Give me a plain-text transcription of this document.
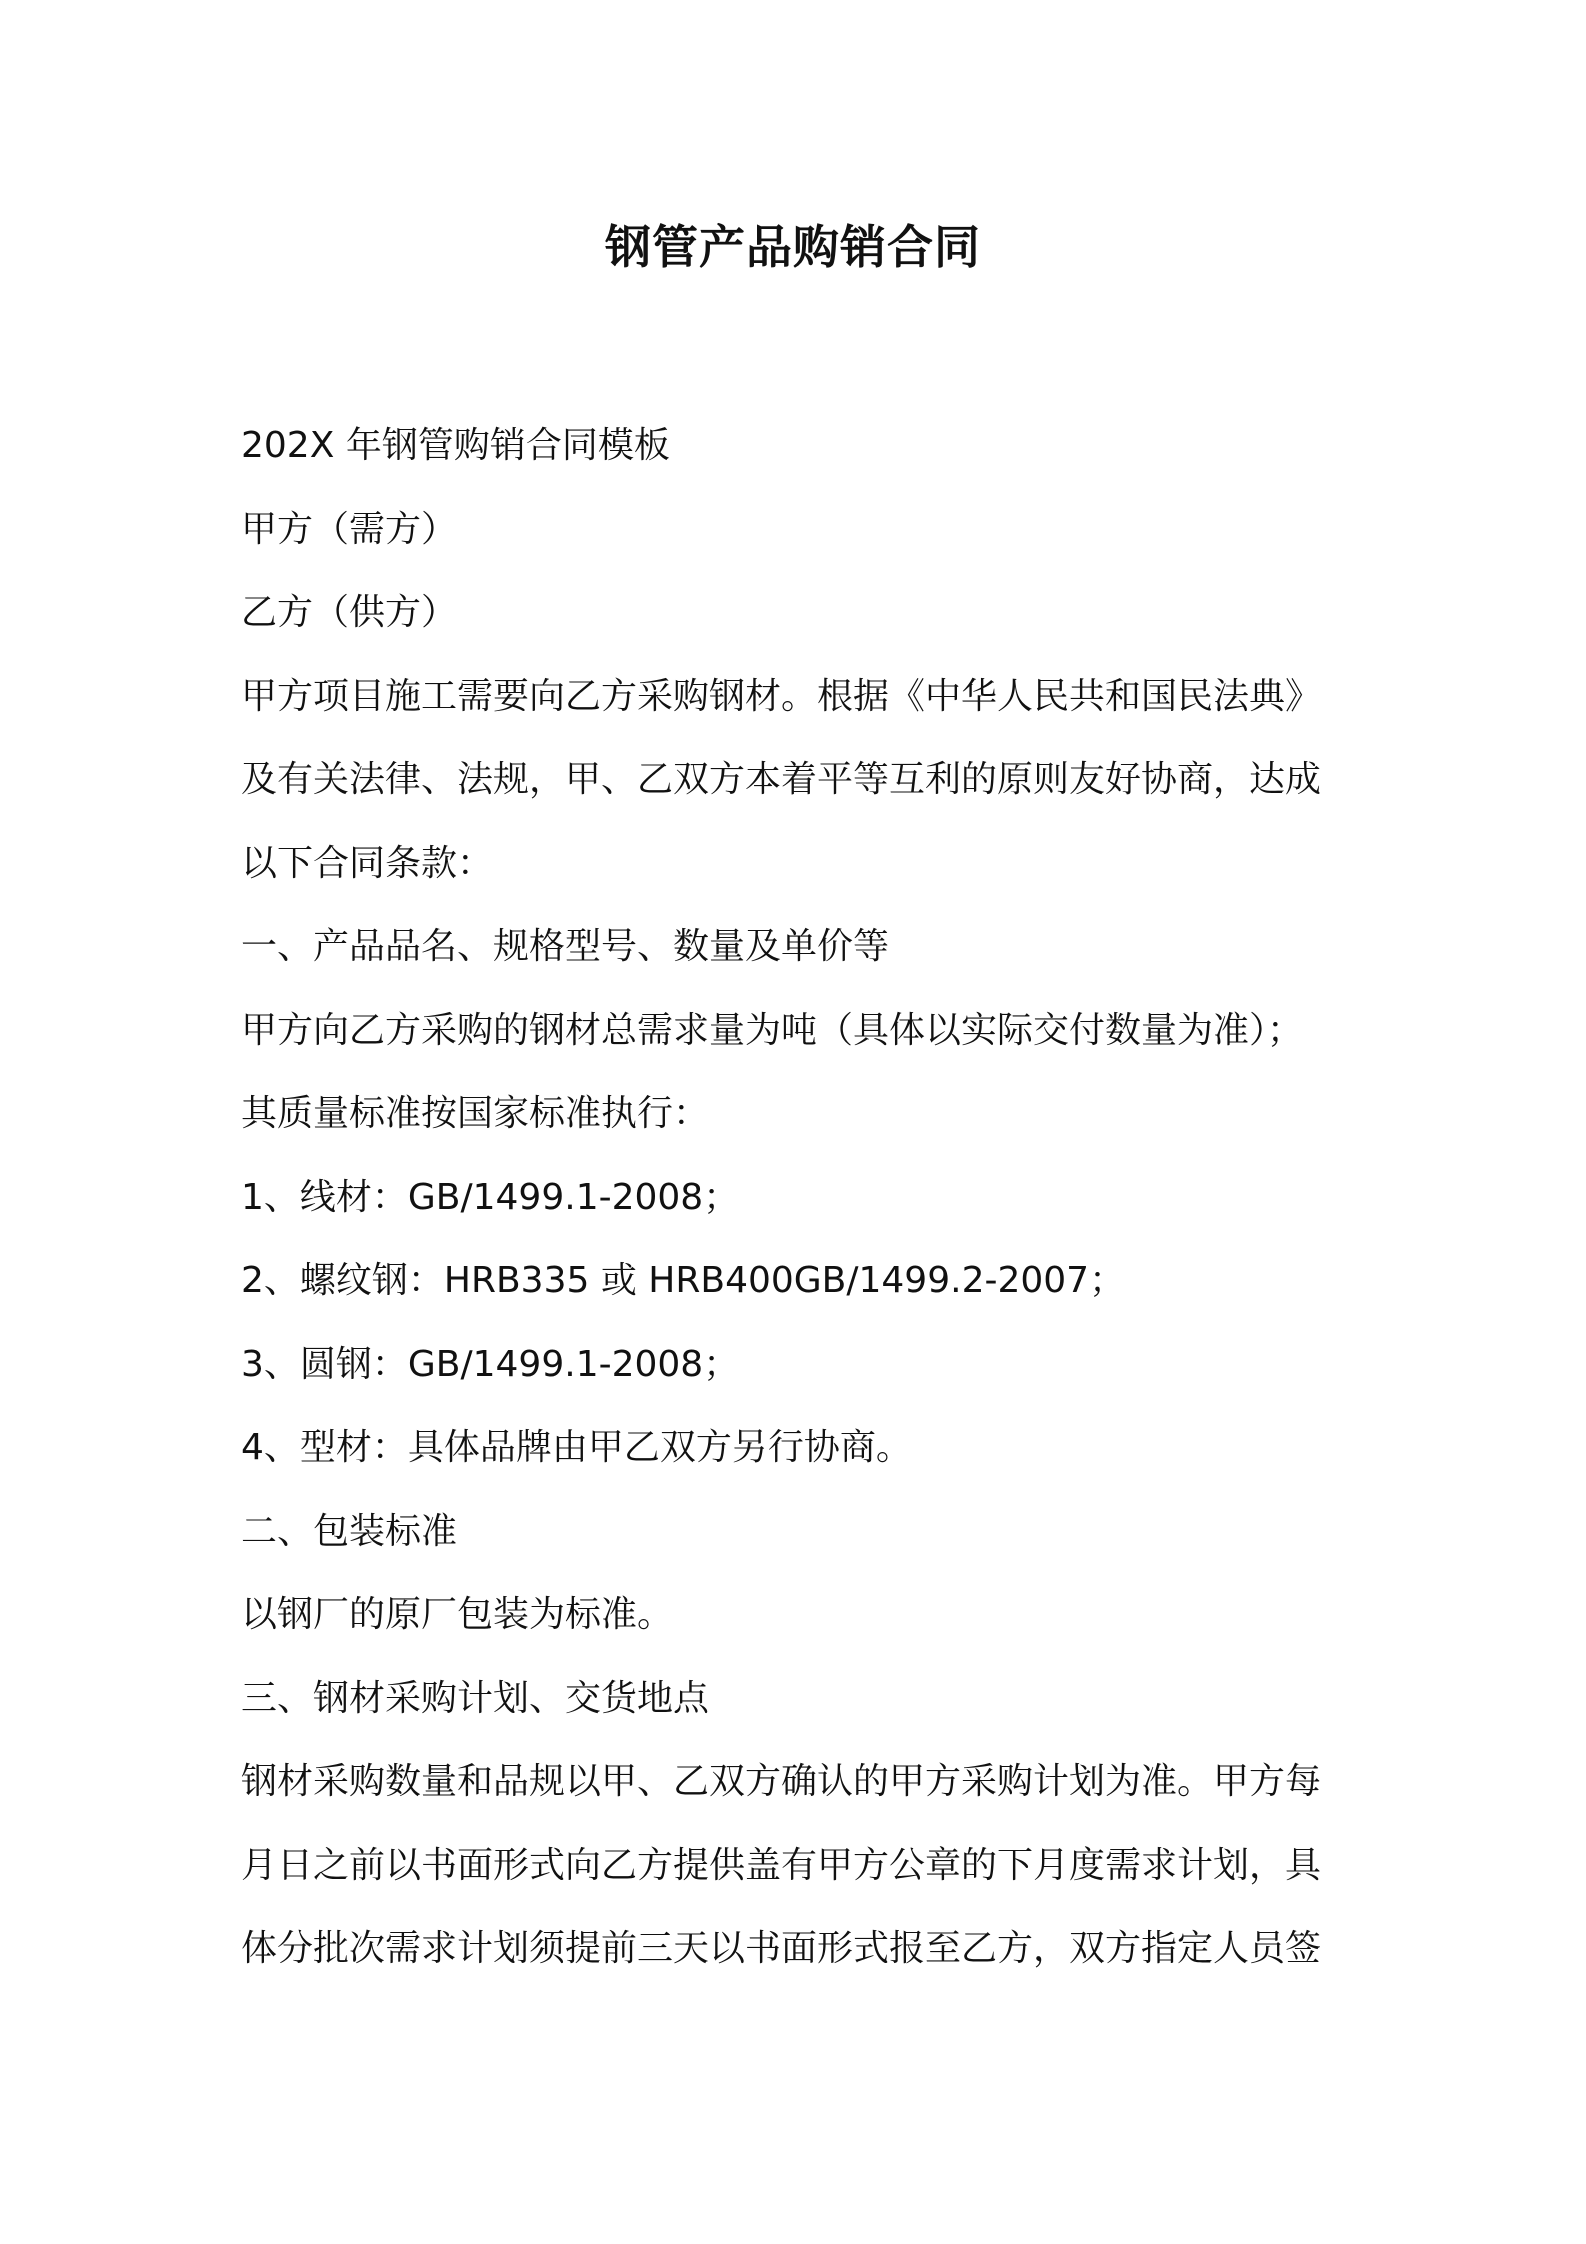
钢管产品购销合同
202X 年钢管购销合同模板
甲方（需方）
乙方（供方）
甲方项目施工需要向乙方采购钢材。根据《中华人民共和国民法典》
及有关法律、法规，甲、乙双方本着平等互利的原则友好协商，达成
以下合同条款：
一、产品品名、规格型号、数量及单价等
甲方向乙方采购的钢材总需求量为吨（具体以实际交付数量为准）；
其质量标准按国家标准执行：
1、线材：GB/1499.1-2008；
2、螺纹钢：HRB335 或 HRB400GB/1499.2-2007；
3、圆钢：GB/1499.1-2008；
4、型材：具体品牌由甲乙双方另行协商。
二、包装标准
以钢厂的原厂包装为标准。
三、钢材采购计划、交货地点
钢材采购数量和品规以甲、乙双方确认的甲方采购计划为准。甲方每
月日之前以书面形式向乙方提供盖有甲方公章的下月度需求计划，具
体分批次需求计划须提前三天以书面形式报至乙方，双方指定人员签
